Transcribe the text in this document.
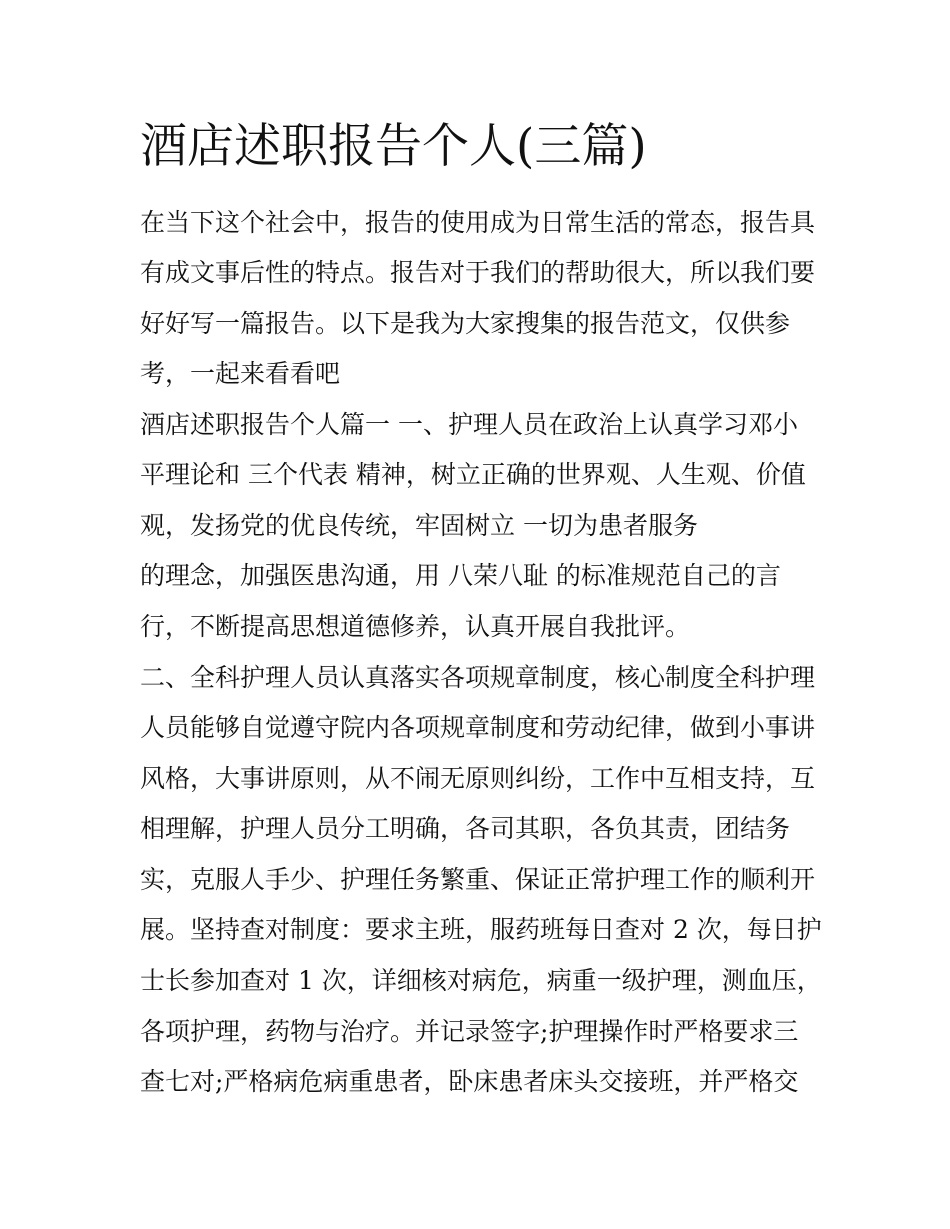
酒店述职报告个人(三篇)
在当下这个社会中，报告的使用成为日常生活的常态，报告具
有成文事后性的特点。报告对于我们的帮助很大，所以我们要
好好写一篇报告。以下是我为大家搜集的报告范文，仅供参
考，一起来看看吧
酒店述职报告个人篇一 一、护理人员在政治上认真学习邓小
平理论和 三个代表 精神，树立正确的世界观、人生观、价值
观，发扬党的优良传统，牢固树立 一切为患者服务
的理念，加强医患沟通，用 八荣八耻 的标准规范自己的言
行，不断提高思想道德修养，认真开展自我批评。
二、全科护理人员认真落实各项规章制度，核心制度全科护理
人员能够自觉遵守院内各项规章制度和劳动纪律，做到小事讲
风格，大事讲原则，从不闹无原则纠纷，工作中互相支持，互
相理解，护理人员分工明确，各司其职，各负其责，团结务
实，克服人手少、护理任务繁重、保证正常护理工作的顺利开
展。坚持查对制度：要求主班，服药班每日查对 2 次，每日护
士长参加查对 1 次，详细核对病危，病重一级护理，测血压，
各项护理，药物与治疗。并记录签字;护理操作时严格要求三
查七对;严格病危病重患者，卧床患者床头交接班，并严格交
